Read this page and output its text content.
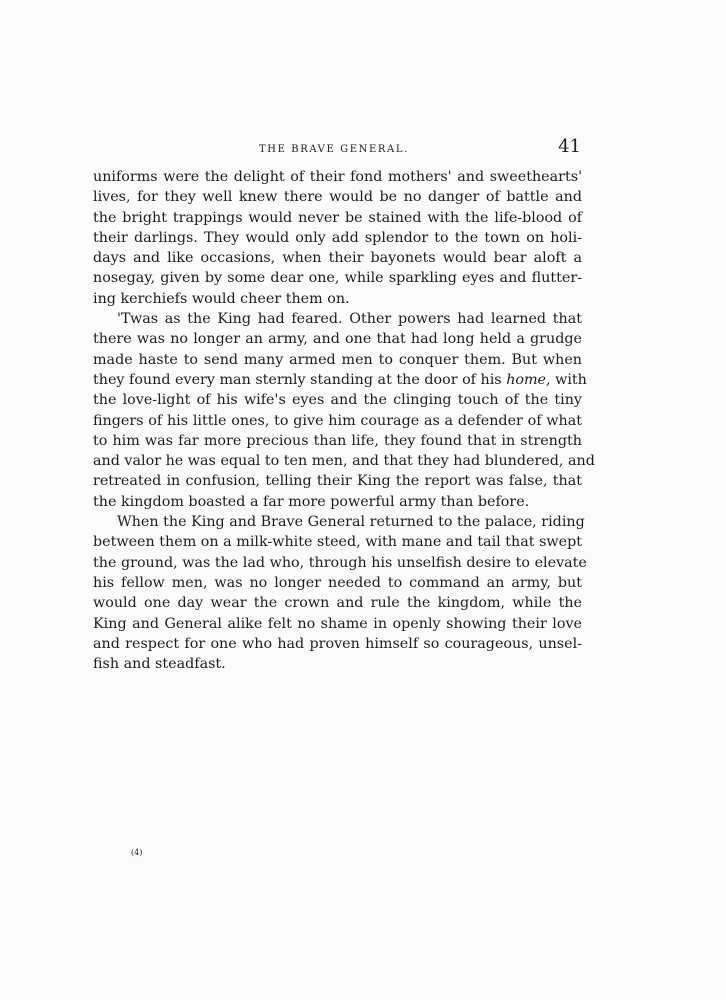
THE BRAVE GENERAL.	41
uniforms were the delight of their fond mothers' and sweethearts'
lives, for they well knew there would be no danger of battle and
the bright trappings would never be stained with the life-blood of
their darlings. They would only add splendor to the town on holi-
days and like occasions, when their bayonets would bear aloft a
nosegay, given by some dear one, while sparkling eyes and flutter-
ing kerchiefs would cheer them on.
'Twas as the King had feared. Other powers had learned that
there was no longer an army, and one that had long held a grudge
made haste to send many armed men to conquer them. But when
they found every man sternly standing at the door of his home, with
the love-light of his wife's eyes and the clinging touch of the tiny
fingers of his little ones, to give him courage as a defender of what
to him was far more precious than life, they found that in strength
and valor he was equal to ten men, and that they had blundered, and
retreated in confusion, telling their King the report was false, that
the kingdom boasted a far more powerful army than before.
When the King and Brave General returned to the palace, riding
between them on a milk-white steed, with mane and tail that swept
the ground, was the lad who, through his unselfish desire to elevate
his fellow men, was no longer needed to command an army, but
would one day wear the crown and rule the kingdom, while the
King and General alike felt no shame in openly showing their love
and respect for one who had proven himself so courageous, unsel-
fish and steadfast.
(4)
